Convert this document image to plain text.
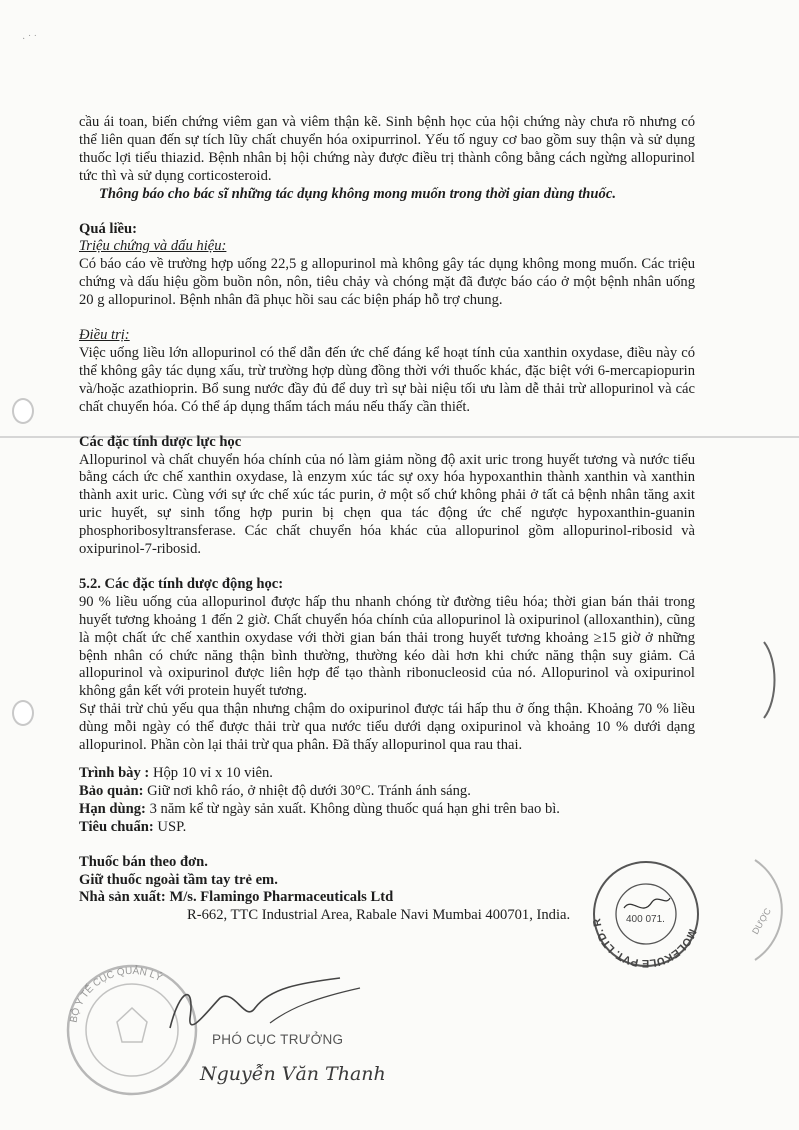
· ˙ ˙

cầu ái toan, biến chứng viêm gan và viêm thận kẽ. Sinh bệnh học của hội chứng này chưa rõ nhưng có thể liên quan đến sự tích lũy chất chuyển hóa oxipurrinol. Yếu tố nguy cơ bao gồm suy thận và sử dụng thuốc lợi tiểu thiazid. Bệnh nhân bị hội chứng này được điều trị thành công bằng cách ngừng allopurinol tức thì và sử dụng corticosteroid.

Thông báo cho bác sĩ những tác dụng không mong muốn trong thời gian dùng thuốc.

Quá liều:

Triệu chứng và dấu hiệu:

Có báo cáo về trường hợp uống 22,5 g allopurinol mà không gây tác dụng không mong muốn. Các triệu chứng và dấu hiệu gồm buồn nôn, nôn, tiêu chảy và chóng mặt đã được báo cáo ở một bệnh nhân uống 20 g allopurinol. Bệnh nhân đã phục hồi sau các biện pháp hỗ trợ chung.

Điều trị:

Việc uống liều lớn allopurinol có thể dẫn đến ức chế đáng kể hoạt tính của xanthin oxydase, điều này có thể không gây tác dụng xấu, trừ trường hợp dùng đồng thời với thuốc khác, đặc biệt với 6-mercapiopurin và/hoặc azathioprin. Bổ sung nước đầy đủ để duy trì sự bài niệu tối ưu làm dễ thải trừ allopurinol và các chất chuyển hóa. Có thể áp dụng thẩm tách máu nếu thấy cần thiết.

Các đặc tính dược lực học

Allopurinol và chất chuyển hóa chính của nó làm giảm nồng độ axit uric trong huyết tương và nước tiểu bằng cách ức chế xanthin oxydase, là enzym xúc tác sự oxy hóa hypoxanthin thành xanthin và xanthin thành axit uric. Cùng với sự ức chế xúc tác purin, ở một số chứ không phải ở tất cả bệnh nhân tăng axit uric huyết, sự sinh tổng hợp purin bị chẹn qua tác động ức chế ngược hypoxanthin-guanin phosphoribosyltransferase. Các chất chuyển hóa khác của allopurinol gồm allopurinol-ribosid và oxipurinol-7-ribosid.

5.2. Các đặc tính dược động học:

90 % liều uống của allopurinol được hấp thu nhanh chóng từ đường tiêu hóa; thời gian bán thải trong huyết tương khoảng 1 đến 2 giờ. Chất chuyển hóa chính của allopurinol là oxipurinol (alloxanthin), cũng là một chất ức chế xanthin oxydase với thời gian bán thải trong huyết tương khoảng ≥15 giờ ở những bệnh nhân có chức năng thận bình thường, thường kéo dài hơn khi chức năng thận suy giảm. Cả allopurinol và oxipurinol được liên hợp để tạo thành ribonucleosid của nó. Allopurinol và oxipurinol không gắn kết với protein huyết tương.

Sự thải trừ chủ yếu qua thận nhưng chậm do oxipurinol được tái hấp thu ở ống thận. Khoảng 70 % liều dùng mỗi ngày có thể được thải trừ qua nước tiểu dưới dạng oxipurinol và khoảng 10 % dưới dạng allopurinol. Phần còn lại thải trừ qua phân. Đã thấy allopurinol qua rau thai.

Trình bày : Hộp 10 vỉ x 10 viên.

Bảo quản: Giữ nơi khô ráo, ở nhiệt độ dưới 30°C. Tránh ánh sáng.

Hạn dùng: 3 năm kể từ ngày sản xuất. Không dùng thuốc quá hạn ghi trên bao bì.

Tiêu chuẩn: USP.

Thuốc bán theo đơn.

Giữ thuốc ngoài tầm tay trẻ em.

Nhà sản xuất: M/s. Flamingo Pharmaceuticals Ltd

R-662, TTC Industrial Area, Rabale Navi Mumbai 400701, India.

BỘ Y TẾ CỤC QUẢN LÝ
PHÓ CỤC TRƯỞNG
Nguyễn Văn Thanh
MOLEKULE PVT. LTD. R	400 071.	DƯỢC
